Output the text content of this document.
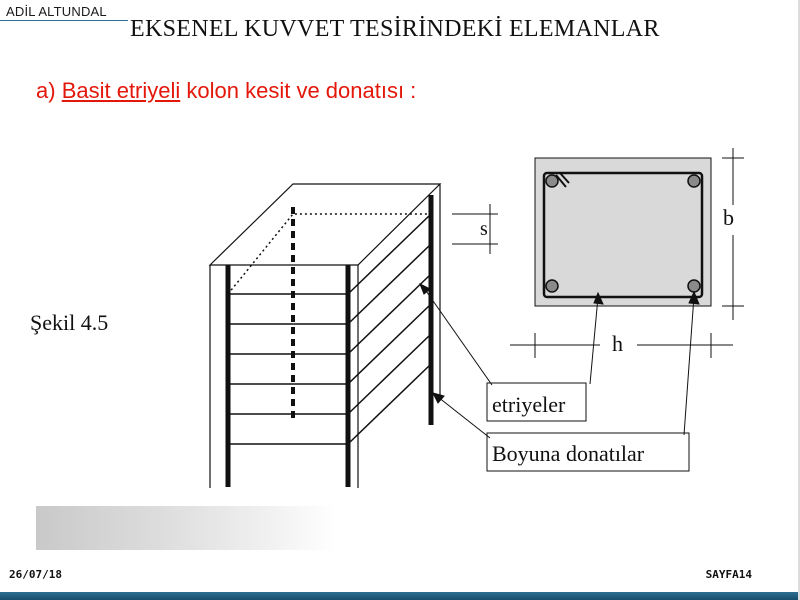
ADİL ALTUNDAL
EKSENEL KUVVET TESİRİNDEKİ ELEMANLAR
a) Basit etriyeli kolon kesit ve donatısı :
Şekil 4.5
s	b
h
etriyeler
Boyuna donatılar
26/07/18	SAYFA14
